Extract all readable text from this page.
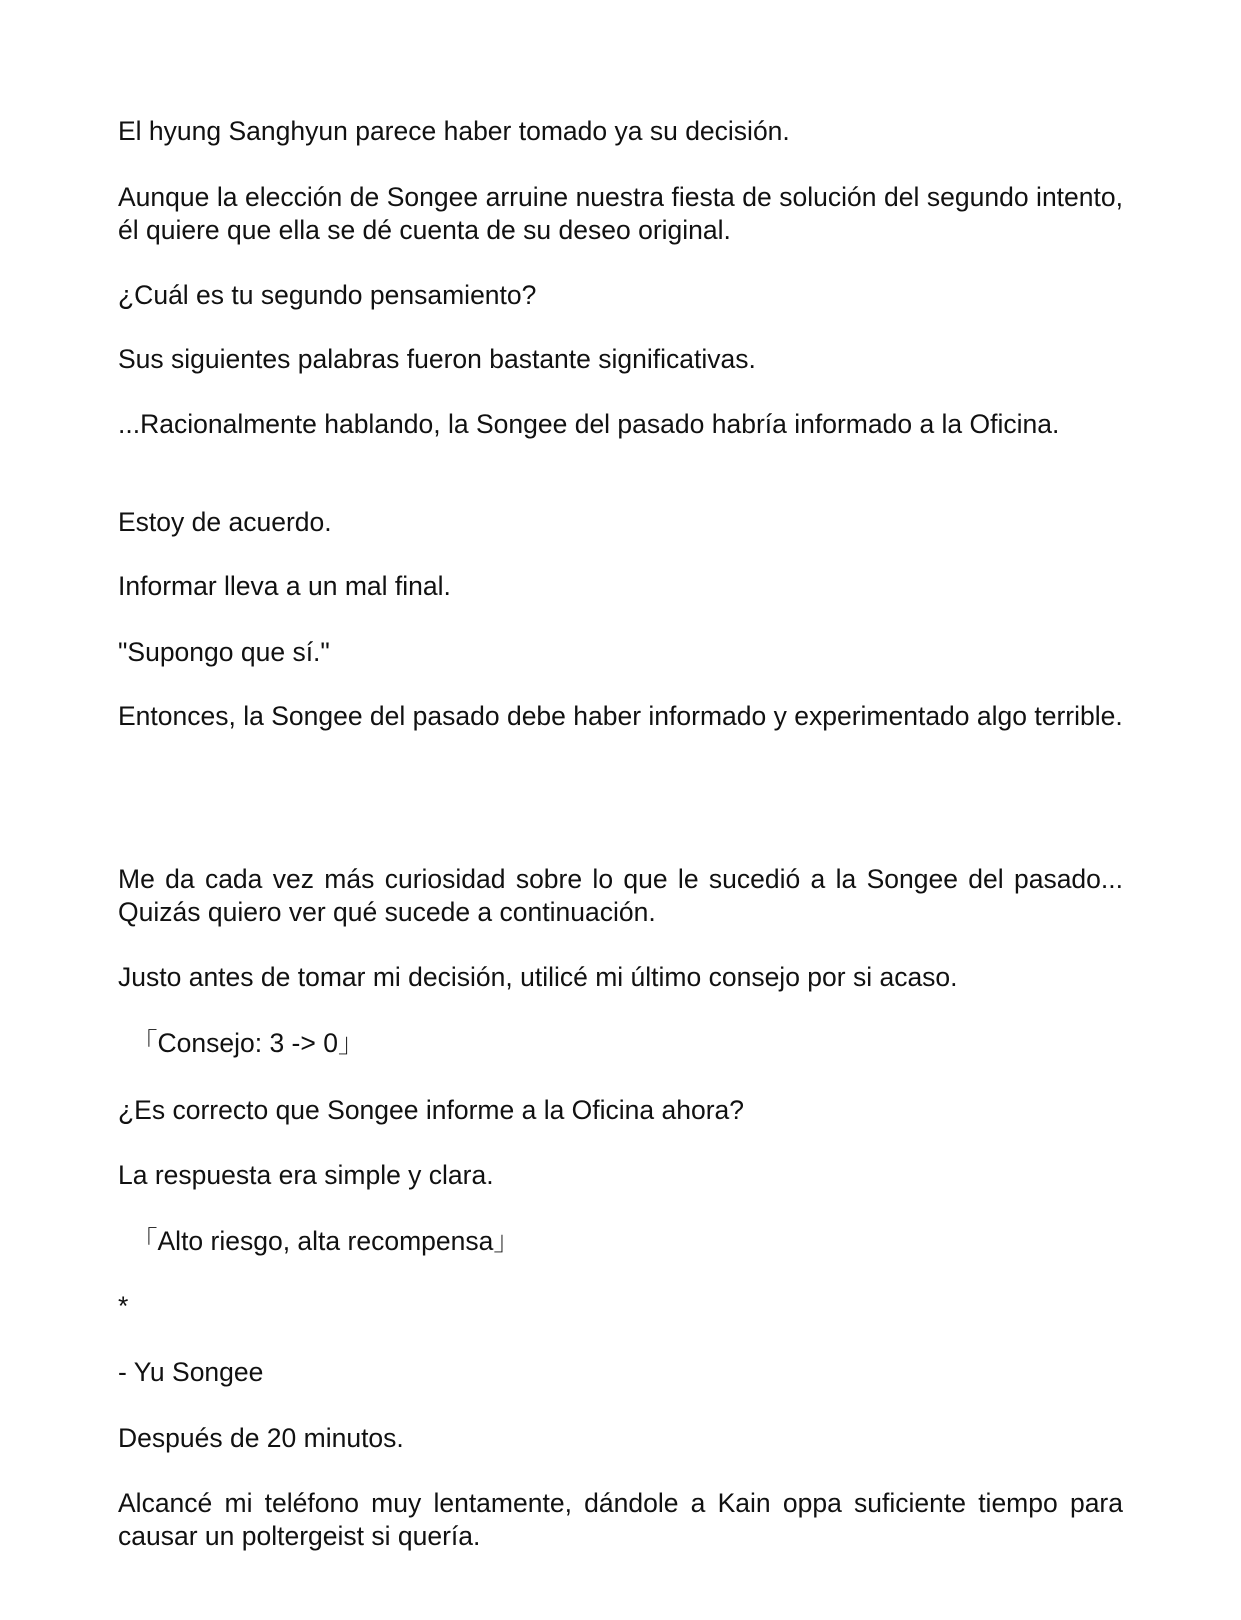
El hyung Sanghyun parece haber tomado ya su decisión.

Aunque la elección de Songee arruine nuestra fiesta de solución del segundo intento, él quiere que ella se dé cuenta de su deseo original.

¿Cuál es tu segundo pensamiento?

Sus siguientes palabras fueron bastante significativas.

...Racionalmente hablando, la Songee del pasado habría informado a la Oficina.

Estoy de acuerdo.

Informar lleva a un mal final.

"Supongo que sí."

Entonces, la Songee del pasado debe haber informado y experimentado algo terrible.

Me da cada vez más curiosidad sobre lo que le sucedió a la Songee del pasado... Quizás quiero ver qué sucede a continuación.

Justo antes de tomar mi decisión, utilicé mi último consejo por si acaso.

「Consejo: 3 -> 0」

¿Es correcto que Songee informe a la Oficina ahora?

La respuesta era simple y clara.

「Alto riesgo, alta recompensa」

*

- Yu Songee

Después de 20 minutos.

Alcancé mi teléfono muy lentamente, dándole a Kain oppa suficiente tiempo para causar un poltergeist si quería.
